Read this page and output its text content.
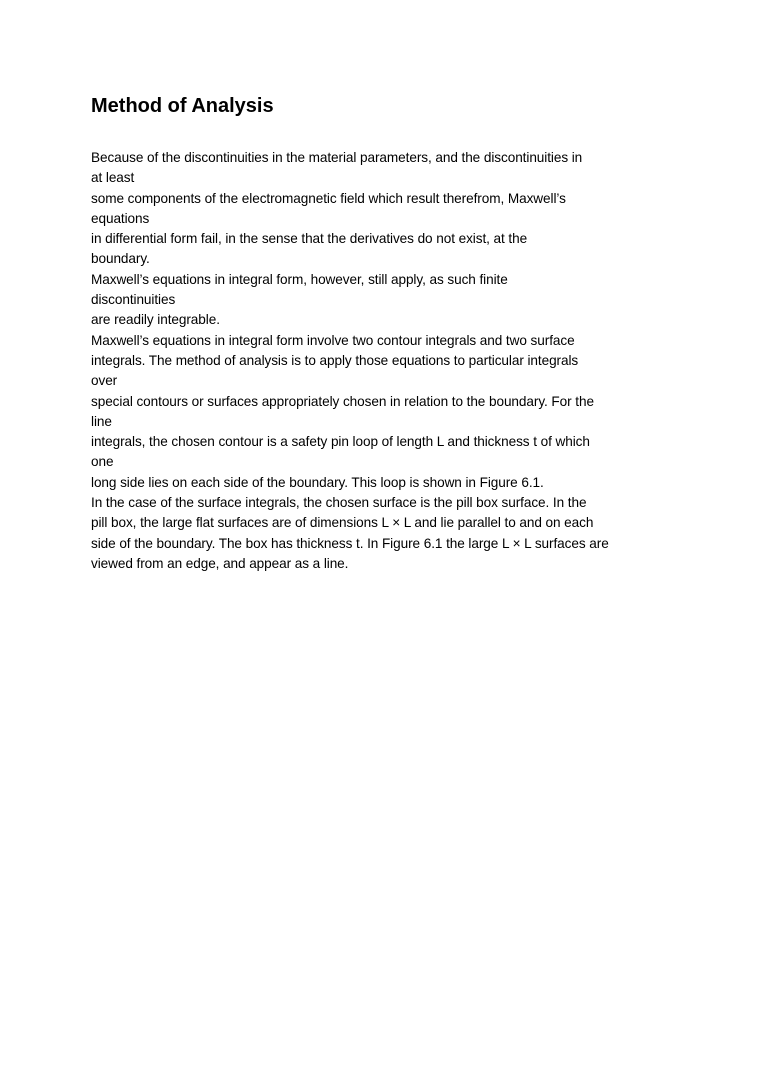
Method of Analysis
Because of the discontinuities in the material parameters, and the discontinuities in
at least
some components of the electromagnetic field which result therefrom, Maxwell’s
equations
in differential form fail, in the sense that the derivatives do not exist, at the
boundary.
Maxwell’s equations in integral form, however, still apply, as such finite
discontinuities
are readily integrable.
Maxwell’s equations in integral form involve two contour integrals and two surface
integrals. The method of analysis is to apply those equations to particular integrals
over
special contours or surfaces appropriately chosen in relation to the boundary. For the
line
integrals, the chosen contour is a safety pin loop of length L and thickness t of which
one
long side lies on each side of the boundary. This loop is shown in Figure 6.1.
In the case of the surface integrals, the chosen surface is the pill box surface. In the
pill box, the large flat surfaces are of dimensions L × L and lie parallel to and on each
side of the boundary. The box has thickness t. In Figure 6.1 the large L × L surfaces are
viewed from an edge, and appear as a line.
